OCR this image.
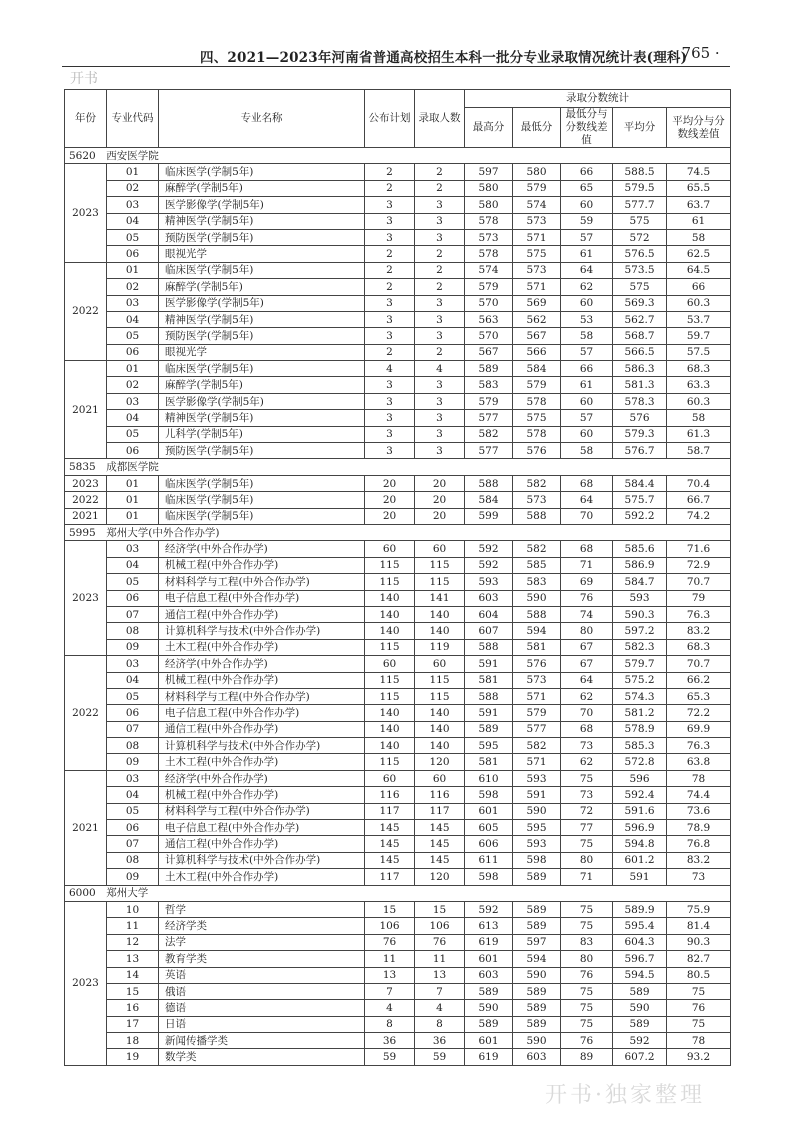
四、2021—2023年河南省普通高校招生本科一批分专业录取情况统计表(理科)
· 765 ·
开书
年份	专业代码	专业名称	公布计划	录取人数	录取分数统计				
					最高分	最低分	最低分与分数线差值	平均分	平均分与分数线差值
5620　西安医学院									
2023	01	临床医学(学制5年)	2	2	597	580	66	588.5	74.5
	02	麻醉学(学制5年)	2	2	580	579	65	579.5	65.5
	03	医学影像学(学制5年)	3	3	580	574	60	577.7	63.7
	04	精神医学(学制5年)	3	3	578	573	59	575	61
	05	预防医学(学制5年)	3	3	573	571	57	572	58
	06	眼视光学	2	2	578	575	61	576.5	62.5
2022	01	临床医学(学制5年)	2	2	574	573	64	573.5	64.5
	02	麻醉学(学制5年)	2	2	579	571	62	575	66
	03	医学影像学(学制5年)	3	3	570	569	60	569.3	60.3
	04	精神医学(学制5年)	3	3	563	562	53	562.7	53.7
	05	预防医学(学制5年)	3	3	570	567	58	568.7	59.7
	06	眼视光学	2	2	567	566	57	566.5	57.5
2021	01	临床医学(学制5年)	4	4	589	584	66	586.3	68.3
	02	麻醉学(学制5年)	3	3	583	579	61	581.3	63.3
	03	医学影像学(学制5年)	3	3	579	578	60	578.3	60.3
	04	精神医学(学制5年)	3	3	577	575	57	576	58
	05	儿科学(学制5年)	3	3	582	578	60	579.3	61.3
	06	预防医学(学制5年)	3	3	577	576	58	576.7	58.7
5835　成都医学院									
2023	01	临床医学(学制5年)	20	20	588	582	68	584.4	70.4
2022	01	临床医学(学制5年)	20	20	584	573	64	575.7	66.7
2021	01	临床医学(学制5年)	20	20	599	588	70	592.2	74.2
5995　郑州大学(中外合作办学)									
2023	03	经济学(中外合作办学)	60	60	592	582	68	585.6	71.6
	04	机械工程(中外合作办学)	115	115	592	585	71	586.9	72.9
	05	材料科学与工程(中外合作办学)	115	115	593	583	69	584.7	70.7
	06	电子信息工程(中外合作办学)	140	141	603	590	76	593	79
	07	通信工程(中外合作办学)	140	140	604	588	74	590.3	76.3
	08	计算机科学与技术(中外合作办学)	140	140	607	594	80	597.2	83.2
	09	土木工程(中外合作办学)	115	119	588	581	67	582.3	68.3
2022	03	经济学(中外合作办学)	60	60	591	576	67	579.7	70.7
	04	机械工程(中外合作办学)	115	115	581	573	64	575.2	66.2
	05	材料科学与工程(中外合作办学)	115	115	588	571	62	574.3	65.3
	06	电子信息工程(中外合作办学)	140	140	591	579	70	581.2	72.2
	07	通信工程(中外合作办学)	140	140	589	577	68	578.9	69.9
	08	计算机科学与技术(中外合作办学)	140	140	595	582	73	585.3	76.3
	09	土木工程(中外合作办学)	115	120	581	571	62	572.8	63.8
2021	03	经济学(中外合作办学)	60	60	610	593	75	596	78
	04	机械工程(中外合作办学)	116	116	598	591	73	592.4	74.4
	05	材料科学与工程(中外合作办学)	117	117	601	590	72	591.6	73.6
	06	电子信息工程(中外合作办学)	145	145	605	595	77	596.9	78.9
	07	通信工程(中外合作办学)	145	145	606	593	75	594.8	76.8
	08	计算机科学与技术(中外合作办学)	145	145	611	598	80	601.2	83.2
	09	土木工程(中外合作办学)	117	120	598	589	71	591	73
6000　郑州大学									
2023	10	哲学	15	15	592	589	75	589.9	75.9
	11	经济学类	106	106	613	589	75	595.4	81.4
	12	法学	76	76	619	597	83	604.3	90.3
	13	教育学类	11	11	601	594	80	596.7	82.7
	14	英语	13	13	603	590	76	594.5	80.5
	15	俄语	7	7	589	589	75	589	75
	16	德语	4	4	590	589	75	590	76
	17	日语	8	8	589	589	75	589	75
	18	新闻传播学类	36	36	601	590	76	592	78
	19	数学类	59	59	619	603	89	607.2	93.2
开书·独家整理
